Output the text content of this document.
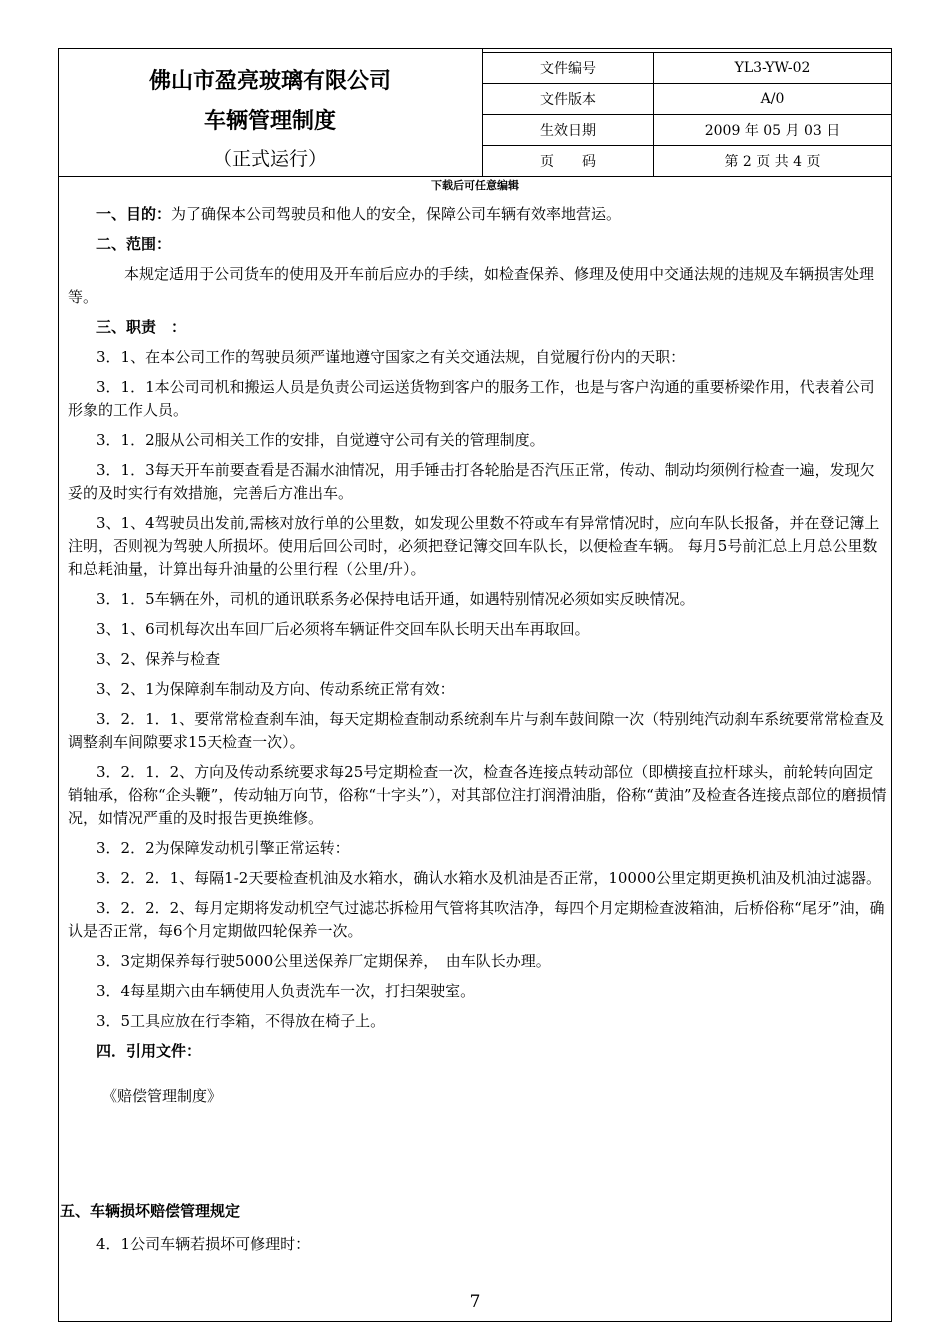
佛山市盈亮玻璃有限公司
车辆管理制度
（正式运行）
文件编号	YL3-YW-02
文件版本	A/0
生效日期	2009 年 05 月 03 日
页　　码	第 2 页 共 4 页
下载后可任意编辑

一、目的：为了确保本公司驾驶员和他人的安全，保障公司车辆有效率地营运。

二、范围：

本规定适用于公司货车的使用及开车前后应办的手续，如检查保养、修理及使用中交通法规的违规及车辆损害处理等。

三、职责　：

3．1、在本公司工作的驾驶员须严谨地遵守国家之有关交通法规，自觉履行份内的天职：

3．1．1本公司司机和搬运人员是负责公司运送货物到客户的服务工作，也是与客户沟通的重要桥梁作用，代表着公司形象的工作人员。

3．1．2服从公司相关工作的安排，自觉遵守公司有关的管理制度。

3．1．3每天开车前要查看是否漏水油情况，用手锤击打各轮胎是否汽压正常，传动、制动均须例行检查一遍，发现欠妥的及时实行有效措施，完善后方准出车。

3、1、4驾驶员出发前,需核对放行单的公里数，如发现公里数不符或车有异常情况时，应向车队长报备，并在登记簿上注明，否则视为驾驶人所损坏。使用后回公司时，必须把登记簿交回车队长，以便检查车辆。 每月5号前汇总上月总公里数和总耗油量，计算出每升油量的公里行程（公里/升）。

3．1．5车辆在外，司机的通讯联系务必保持电话开通，如遇特别情况必须如实反映情况。

3、1、6司机每次出车回厂后必须将车辆证件交回车队长明天出车再取回。

3、2、保养与检查

3、2、1为保障刹车制动及方向、传动系统正常有效：

3．2．1．1、要常常检查刹车油，每天定期检查制动系统刹车片与刹车鼓间隙一次（特别纯汽动刹车系统要常常检查及调整刹车间隙要求15天检查一次）。

3．2．1．2、方向及传动系统要求每25号定期检查一次，检查各连接点转动部位（即横接直拉杆球头，前轮转向固定销轴承，俗称“企头鞭”，传动轴万向节，俗称“十字头”），对其部位注打润滑油脂，俗称“黄油”及检查各连接点部位的磨损情况，如情况严重的及时报告更换维修。

3．2．2为保障发动机引擎正常运转：

3．2．2．1、每隔1-2天要检查机油及水箱水，确认水箱水及机油是否正常，10000公里定期更换机油及机油过滤器。

3．2．2．2、每月定期将发动机空气过滤芯拆检用气管将其吹洁净，每四个月定期检查波箱油，后桥俗称“尾牙”油，确认是否正常，每6个月定期做四轮保养一次。

3．3定期保养每行驶5000公里送保养厂定期保养，　由车队长办理。

3．4每星期六由车辆使用人负责洗车一次，打扫架驶室。

3．5工具应放在行李箱，不得放在椅子上。

四．引用文件：

《赔偿管理制度》

五、车辆损坏赔偿管理规定
4．1公司车辆若损坏可修理时：
7
